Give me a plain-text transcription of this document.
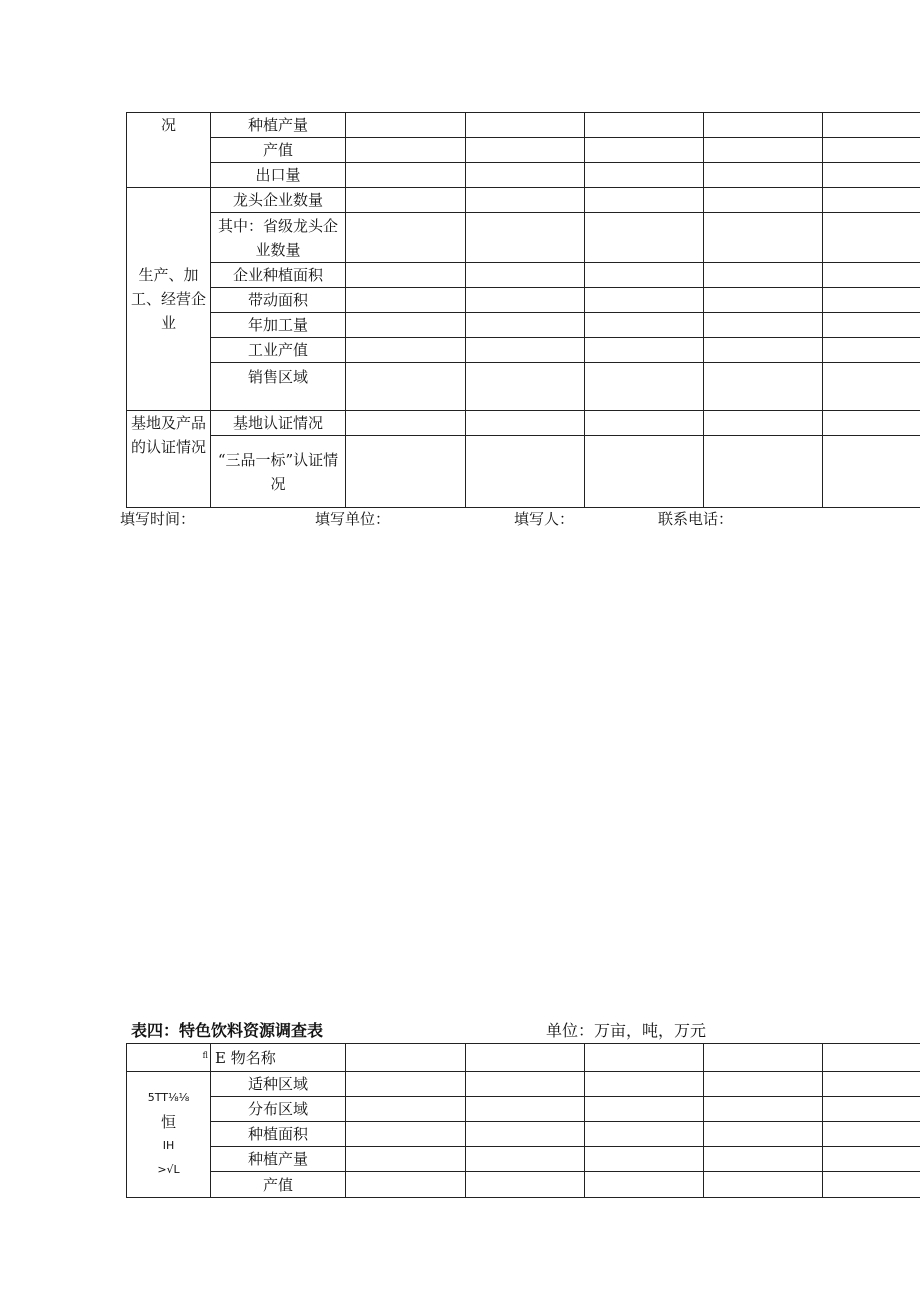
况	种植产量						
	产值						
	出口量						
生产、加工、经营企业	龙头企业数量						
	其中：省级龙头企业数量						
	企业种植面积						
	带动面积						
	年加工量						
	工业产值						
	销售区域						
基地及产品的认证情况	基地认证情况						
	“三品一标”认证情况						
填写时间：	填写单位：	填写人：	联系电话：
表四：特色饮料资源调查表	单位：万亩，吨，万元
$^{fl}$	E 物名称					

5TT⅛⅛
恒
IH
>√L	适种区域					
	分布区域					
	种植面积					
	种植产量					
	产值					
